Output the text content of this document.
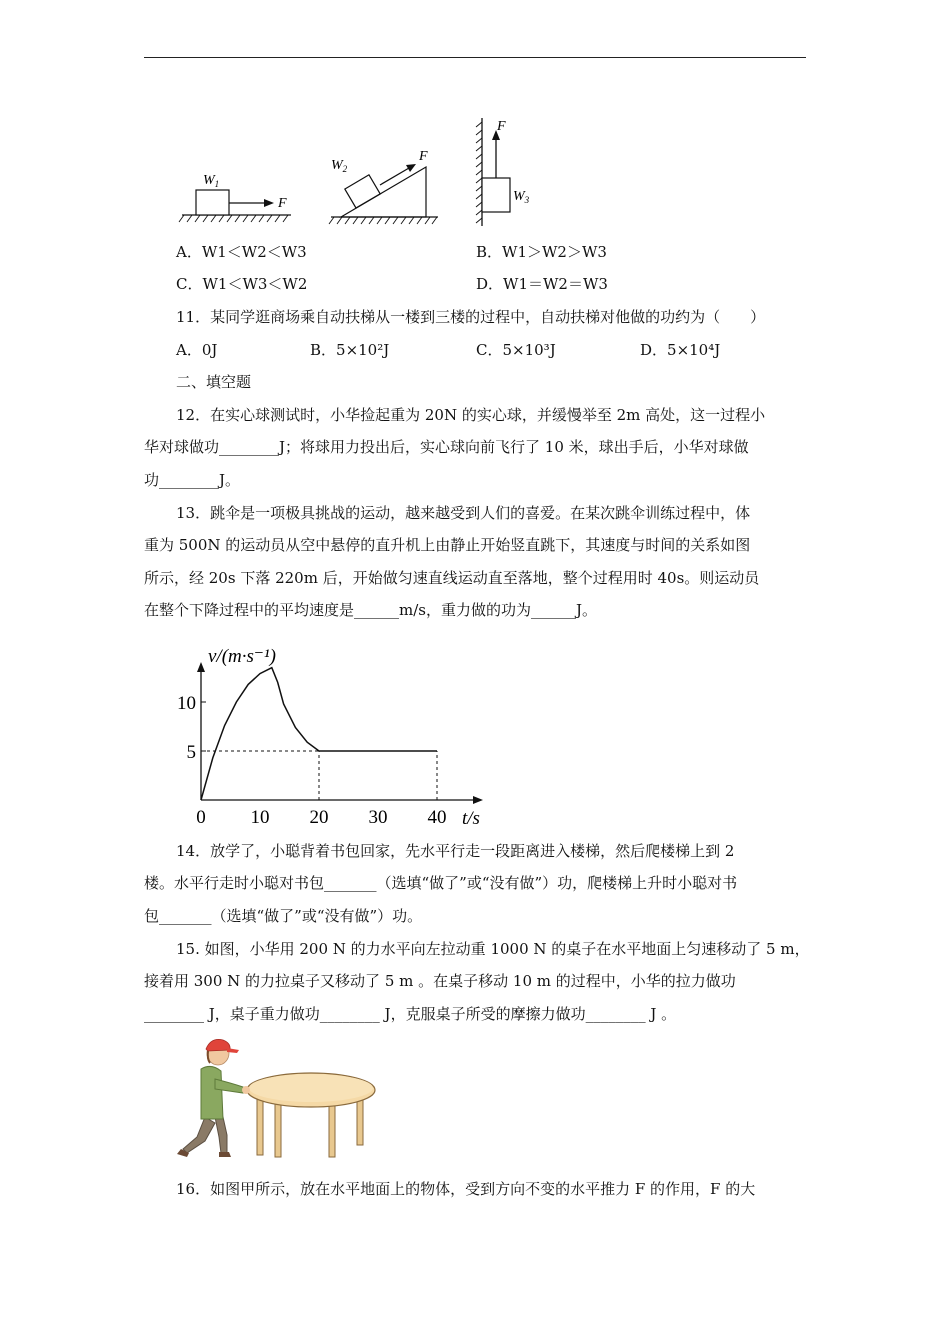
$W_1$
F
$W_2$
F
F
$W_3$
A．W1＜W2＜W3	B．W1＞W2＞W3
C．W1＜W3＜W2	D．W1＝W2＝W3
11．某同学逛商场乘自动扶梯从一楼到三楼的过程中，自动扶梯对他做的功约为（　　）
A．0J	B．5×10²J	C．5×10³J	D．5×10⁴J
二、填空题
12．在实心球测试时，小华捡起重为 20N 的实心球，并缓慢举至 2m 高处，这一过程小
华对球做功________J；将球用力投出后，实心球向前飞行了 10 米，球出手后，小华对球做
功________J。
13．跳伞是一项极具挑战的运动，越来越受到人们的喜爱。在某次跳伞训练过程中，体
重为 500N 的运动员从空中悬停的直升机上由静止开始竖直跳下，其速度与时间的关系如图
所示，经 20s 下落 220m 后，开始做匀速直线运动直至落地，整个过程用时 40s。则运动员
在整个下降过程中的平均速度是______m/s，重力做的功为______J。
v/(m·s⁻¹)
t/s
0 10 20 30 40
5
10
14．放学了，小聪背着书包回家，先水平行走一段距离进入楼梯，然后爬楼梯上到 2
楼。水平行走时小聪对书包_______（选填“做了”或“没有做”）功，爬楼梯上升时小聪对书
包_______（选填“做了”或“没有做”）功。
15. 如图，小华用 200 N 的力水平向左拉动重 1000 N 的桌子在水平地面上匀速移动了 5 m，
接着用 300 N 的力拉桌子又移动了 5 m 。在桌子移动 10 m 的过程中，小华的拉力做功
________ J，桌子重力做功________ J，克服桌子所受的摩擦力做功________ J 。
16．如图甲所示，放在水平地面上的物体，受到方向不变的水平推力 F 的作用，F 的大
